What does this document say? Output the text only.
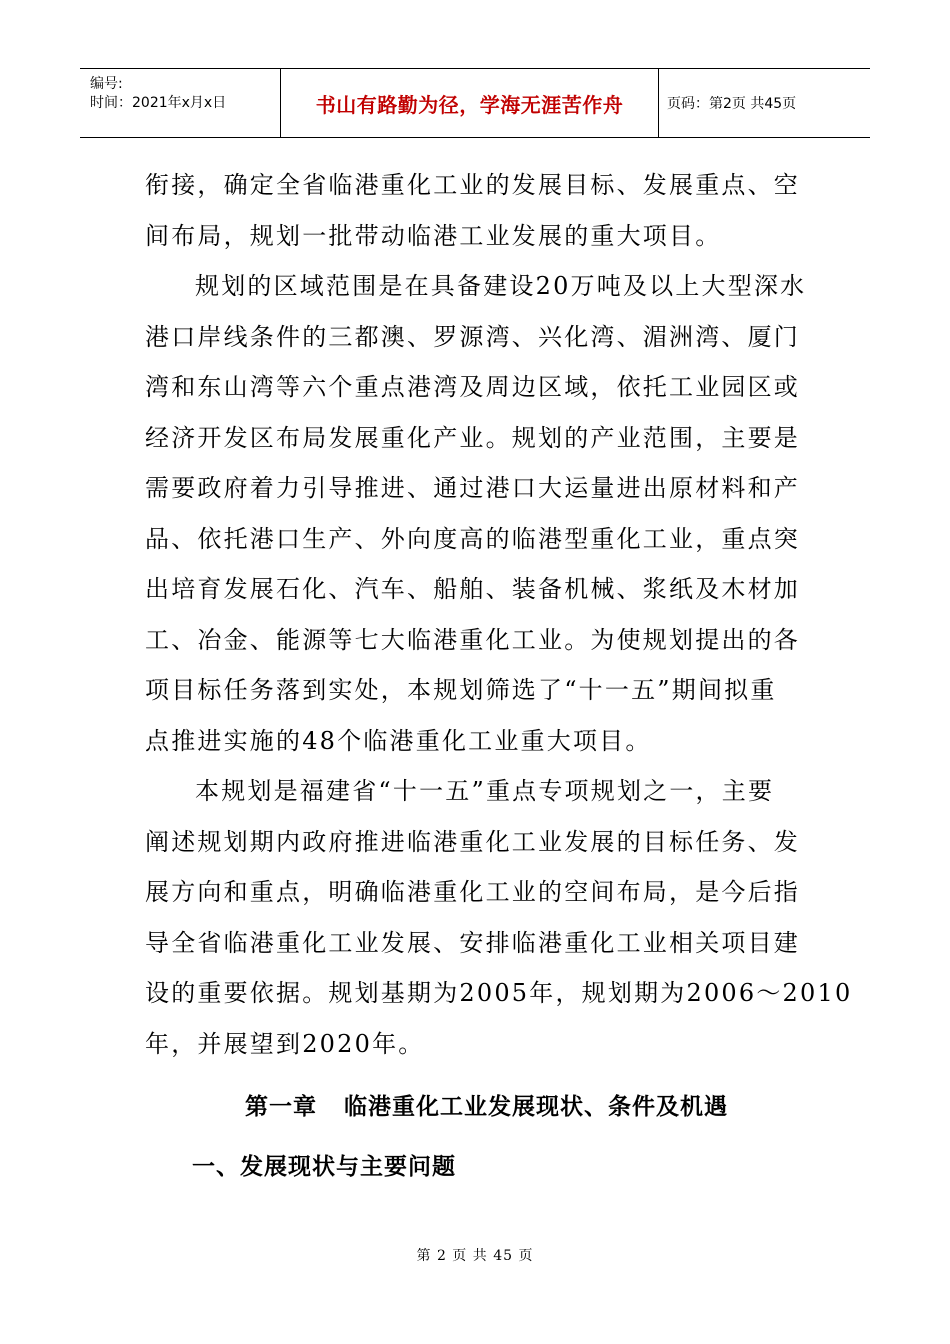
编号:
时间：2021年x月x日	书山有路勤为径，学海无涯苦作舟	页码：第2页 共45页
衔接，确定全省临港重化工业的发展目标、发展重点、空
间布局，规划一批带动临港工业发展的重大项目。
规划的区域范围是在具备建设20万吨及以上大型深水
港口岸线条件的三都澳、罗源湾、兴化湾、湄洲湾、厦门
湾和东山湾等六个重点港湾及周边区域，依托工业园区或
经济开发区布局发展重化产业。规划的产业范围，主要是
需要政府着力引导推进、通过港口大运量进出原材料和产
品、依托港口生产、外向度高的临港型重化工业，重点突
出培育发展石化、汽车、船舶、装备机械、浆纸及木材加
工、冶金、能源等七大临港重化工业。为使规划提出的各
项目标任务落到实处，本规划筛选了“十一五”期间拟重
点推进实施的48个临港重化工业重大项目。
本规划是福建省“十一五”重点专项规划之一，主要
阐述规划期内政府推进临港重化工业发展的目标任务、发
展方向和重点，明确临港重化工业的空间布局，是今后指
导全省临港重化工业发展、安排临港重化工业相关项目建
设的重要依据。规划基期为2005年，规划期为2006～2010
年，并展望到2020年。
第一章   临港重化工业发展现状、条件及机遇
一、发展现状与主要问题
第 2 页 共 45 页
